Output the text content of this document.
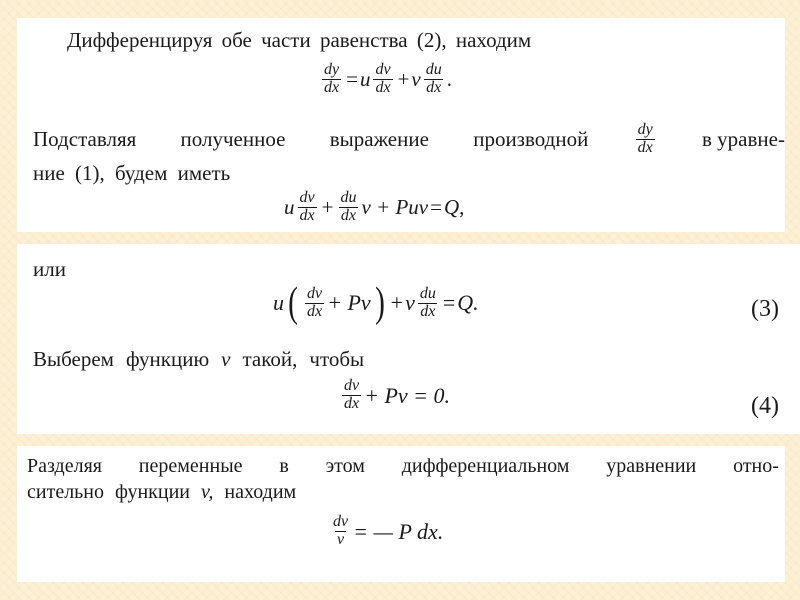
Дифференцируя обе части равенства (2), находим
$\frac{dy}{dx} = u \frac{dv}{dx} + v \frac{du}{dx}$ .
Подставляя полученное выражение производной	$\frac{dy}{dx}$ в уравне-
ние (1), будем иметь
u $\frac{dv}{dx} + \frac{du}{dx}$ v + Puv = Q,
или
u ( $\frac{dv}{dx} + Pv$ ) + v $\frac{du}{dx} = Q$.	(3)
Выберем функцию v такой, чтобы
$\frac{dv}{dx} + Pv = 0$.	(4)
Разделяя переменные в этом дифференциальном уравнении отно-
сительно функции v, находим
$\frac{dv}{v}$ = — P dx.
